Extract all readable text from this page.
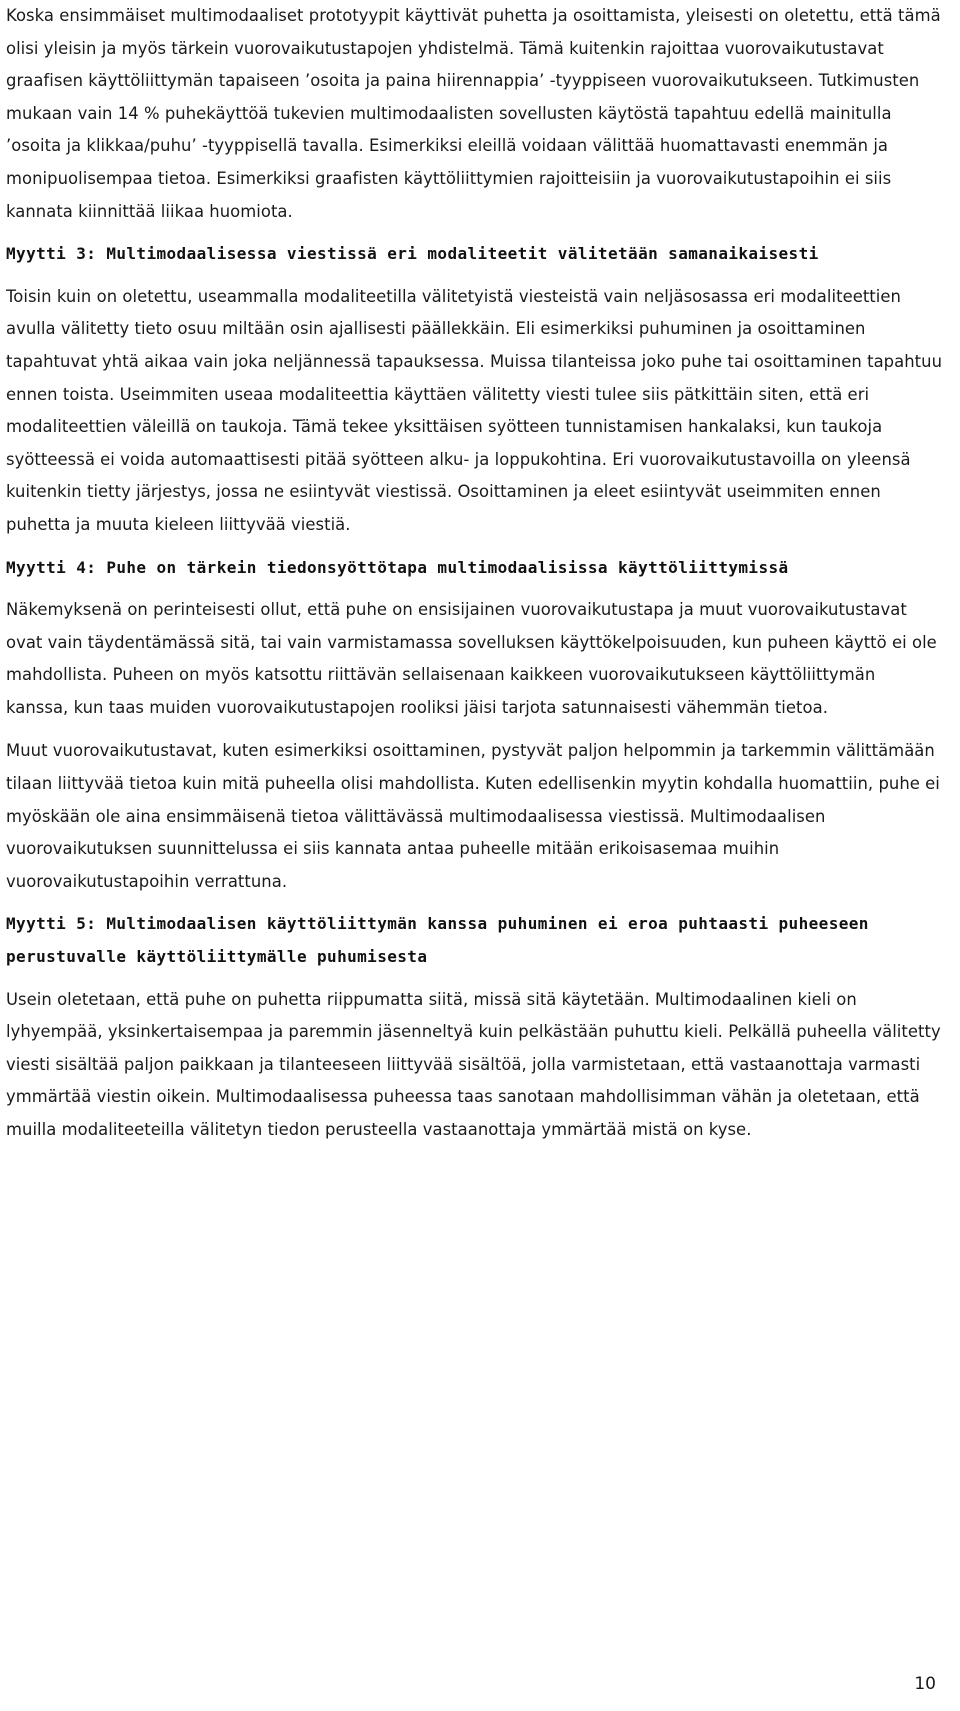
Koska ensimmäiset multimodaaliset prototyypit käyttivät puhetta ja osoittamista, yleisesti on oletettu, että tämä olisi yleisin ja myös tärkein vuorovaikutustapojen yhdistelmä. Tämä kuitenkin rajoittaa vuorovaikutustavat graafisen käyttöliittymän tapaiseen ’osoita ja paina hiirennappia’ -tyyppiseen vuorovaikutukseen. Tutkimusten mukaan vain 14 % puhekäyttöä tukevien multimodaalisten sovellusten käytöstä tapahtuu edellä mainitulla ’osoita ja klikkaa/puhu’ -tyyppisellä tavalla. Esimerkiksi eleillä voidaan välittää huomattavasti enemmän ja monipuolisempaa tietoa. Esimerkiksi graafisten käyttöliittymien rajoitteisiin ja vuorovaikutustapoihin ei siis kannata kiinnittää liikaa huomiota.

Myytti 3: Multimodaalisessa viestissä eri modaliteetit välitetään samanaikaisesti

Toisin kuin on oletettu, useammalla modaliteetilla välitetyistä viesteistä vain neljäsosassa eri modaliteettien avulla välitetty tieto osuu miltään osin ajallisesti päällekkäin. Eli esimerkiksi puhuminen ja osoittaminen tapahtuvat yhtä aikaa vain joka neljännessä tapauksessa. Muissa tilanteissa joko puhe tai osoittaminen tapahtuu ennen toista. Useimmiten useaa modaliteettia käyttäen välitetty viesti tulee siis pätkittäin siten, että eri modaliteettien väleillä on taukoja. Tämä tekee yksittäisen syötteen tunnistamisen hankalaksi, kun taukoja syötteessä ei voida automaattisesti pitää syötteen alku- ja loppukohtina. Eri vuorovaikutustavoilla on yleensä kuitenkin tietty järjestys, jossa ne esiintyvät viestissä. Osoittaminen ja eleet esiintyvät useimmiten ennen puhetta ja muuta kieleen liittyvää viestiä.

Myytti 4: Puhe on tärkein tiedonsyöttötapa multimodaalisissa käyttöliittymissä

Näkemyksenä on perinteisesti ollut, että puhe on ensisijainen vuorovaikutustapa ja muut vuorovaikutustavat ovat vain täydentämässä sitä, tai vain varmistamassa sovelluksen käyttökelpoisuuden, kun puheen käyttö ei ole mahdollista. Puheen on myös katsottu riittävän sellaisenaan kaikkeen vuorovaikutukseen käyttöliittymän kanssa, kun taas muiden vuorovaikutustapojen rooliksi jäisi tarjota satunnaisesti vähemmän tietoa.

Muut vuorovaikutustavat, kuten esimerkiksi osoittaminen, pystyvät paljon helpommin ja tarkemmin välittämään tilaan liittyvää tietoa kuin mitä puheella olisi mahdollista. Kuten edellisenkin myytin kohdalla huomattiin, puhe ei myöskään ole aina ensimmäisenä tietoa välittävässä multimodaalisessa viestissä. Multimodaalisen vuorovaikutuksen suunnittelussa ei siis kannata antaa puheelle mitään erikoisasemaa muihin vuorovaikutustapoihin verrattuna.

Myytti 5: Multimodaalisen käyttöliittymän kanssa puhuminen ei eroa puhtaasti puheeseen perustuvalle käyttöliittymälle puhumisesta

Usein oletetaan, että puhe on puhetta riippumatta siitä, missä sitä käytetään. Multimodaalinen kieli on lyhyempää, yksinkertaisempaa ja paremmin jäsenneltyä kuin pelkästään puhuttu kieli. Pelkällä puheella välitetty viesti sisältää paljon paikkaan ja tilanteeseen liittyvää sisältöä, jolla varmistetaan, että vastaanottaja varmasti ymmärtää viestin oikein. Multimodaalisessa puheessa taas sanotaan mahdollisimman vähän ja oletetaan, että muilla modaliteeteilla välitetyn tiedon perusteella vastaanottaja ymmärtää mistä on kyse.

10
